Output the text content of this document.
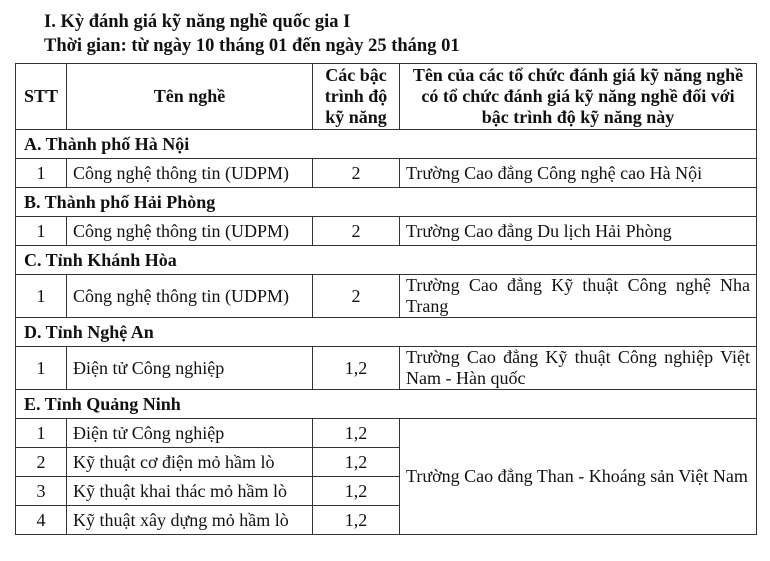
I. Kỳ đánh giá kỹ năng nghề quốc gia I
Thời gian: từ ngày 10 tháng 01 đến ngày 25 tháng 01
STT	Tên nghề	Các bậc trình độ kỹ năng	Tên của các tổ chức đánh giá kỹ năng nghề có tổ chức đánh giá kỹ năng nghề đối với bậc trình độ kỹ năng này
A. Thành phố Hà Nội			
1	Công nghệ thông tin (UDPM)	2	Trường Cao đẳng Công nghệ cao Hà Nội
B. Thành phố Hải Phòng			
1	Công nghệ thông tin (UDPM)	2	Trường Cao đẳng Du lịch Hải Phòng
C. Tỉnh Khánh Hòa			
1	Công nghệ thông tin (UDPM)	2	Trường Cao đẳng Kỹ thuật Công nghệ Nha Trang
D. Tỉnh Nghệ An			
1	Điện tử Công nghiệp	1,2	Trường Cao đẳng Kỹ thuật Công nghiệp Việt Nam - Hàn quốc
E. Tỉnh Quảng Ninh			
1	Điện tử Công nghiệp	1,2	Trường Cao đẳng Than - Khoáng sản Việt Nam
2	Kỹ thuật cơ điện mỏ hầm lò	1,2	
3	Kỹ thuật khai thác mỏ hầm lò	1,2	
4	Kỹ thuật xây dựng mỏ hầm lò	1,2	
